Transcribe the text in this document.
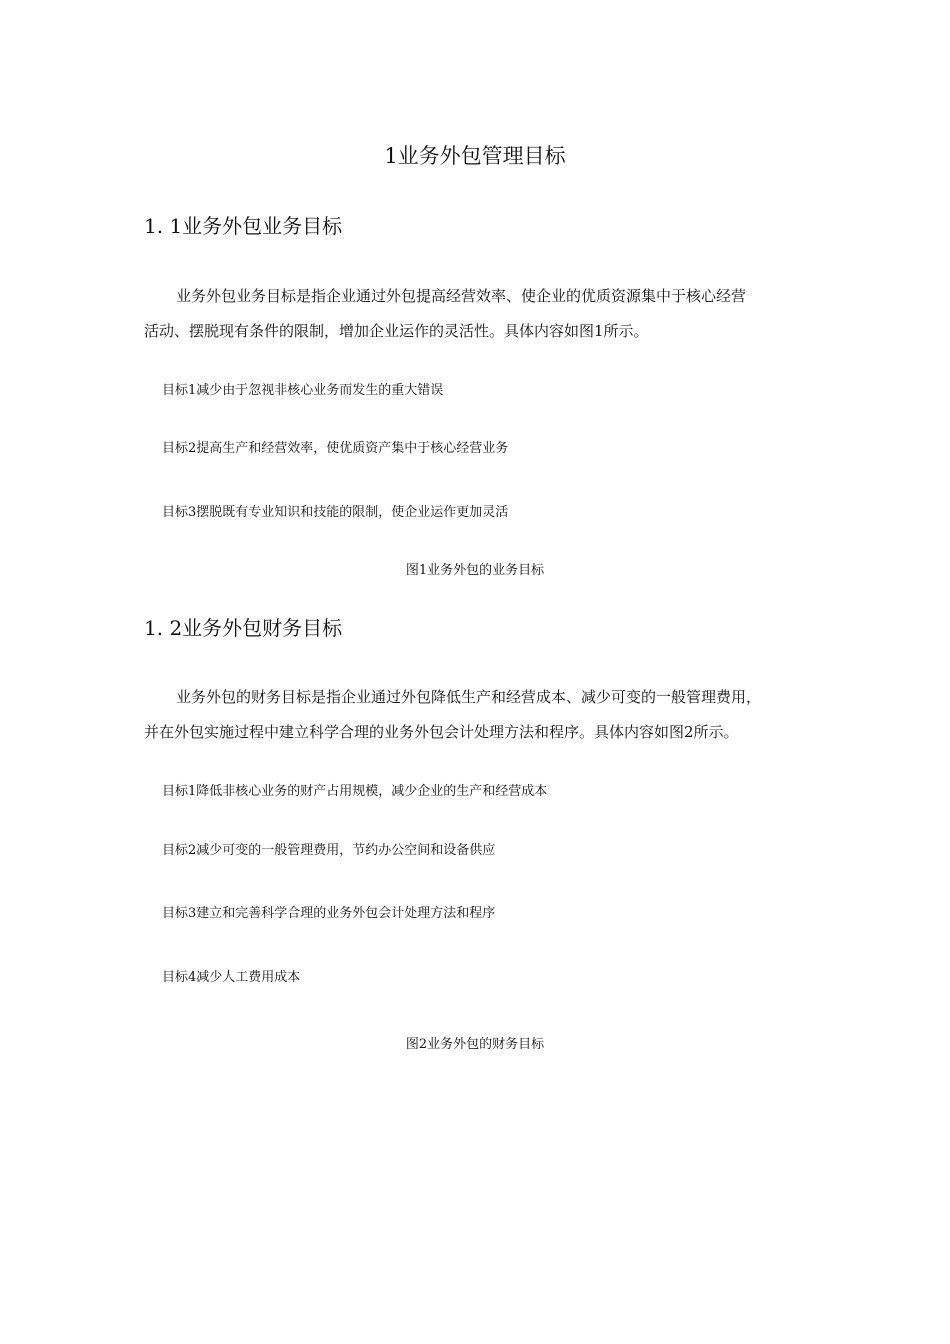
1业务外包管理目标
1. 1业务外包业务目标
业务外包业务目标是指企业通过外包提高经营效率、使企业的优质资源集中于核心经营
活动、摆脱现有条件的限制，增加企业运作的灵活性。具体内容如图1所示。
目标1减少由于忽视非核心业务而发生的重大错误
目标2提高生产和经营效率，使优质资产集中于核心经营业务
目标3摆脱既有专业知识和技能的限制，使企业运作更加灵活
图1业务外包的业务目标
1. 2业务外包财务目标
业务外包的财务目标是指企业通过外包降低生产和经营成本、减少可变的一般管理费用，
并在外包实施过程中建立科学合理的业务外包会计处理方法和程序。具体内容如图2所示。
目标1降低非核心业务的财产占用规模，减少企业的生产和经营成本
目标2减少可变的一般管理费用，节约办公空间和设备供应
目标3建立和完善科学合理的业务外包会计处理方法和程序
目标4减少人工费用成本
图2业务外包的财务目标
